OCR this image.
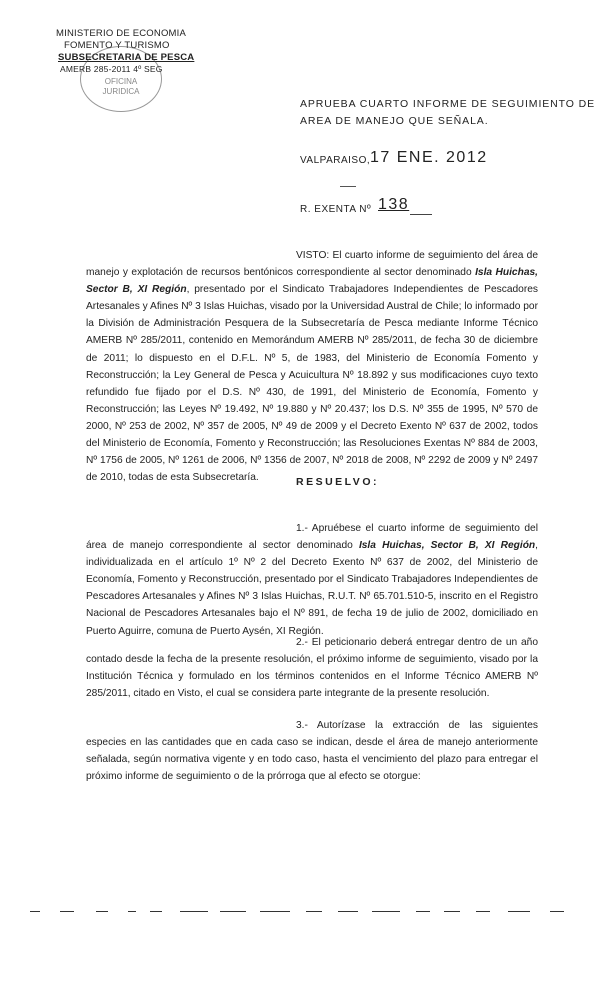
MINISTERIO DE ECONOMIA
FOMENTO Y TURISMO
SUBSECRETARIA DE PESCA
AMERB 285-2011 4º SEG
OFICINA
JURIDICA
APRUEBA CUARTO INFORME DE SEGUIMIENTO DE
AREA DE MANEJO QUE SEÑALA.
VALPARAISO, 17 ENE. 2012
R. EXENTA Nº 138
VISTO: El cuarto informe de seguimiento del área de manejo y explotación de recursos bentónicos correspondiente al sector denominado Isla Huichas, Sector B, XI Región, presentado por el Sindicato Trabajadores Independientes de Pescadores Artesanales y Afines Nº 3 Islas Huichas, visado por la Universidad Austral de Chile; lo informado por la División de Administración Pesquera de la Subsecretaría de Pesca mediante Informe Técnico AMERB Nº 285/2011, contenido en Memorándum AMERB Nº 285/2011, de fecha 30 de diciembre de 2011; lo dispuesto en el D.F.L. Nº 5, de 1983, del Ministerio de Economía Fomento y Reconstrucción; la Ley General de Pesca y Acuicultura Nº 18.892 y sus modificaciones cuyo texto refundido fue fijado por el D.S. Nº 430, de 1991, del Ministerio de Economía, Fomento y Reconstrucción; las Leyes Nº 19.492, Nº 19.880 y Nº 20.437; los D.S. Nº 355 de 1995, Nº 570 de 2000, Nº 253 de 2002, Nº 357 de 2005, Nº 49 de 2009 y el Decreto Exento Nº 637 de 2002, todos del Ministerio de Economía, Fomento y Reconstrucción; las Resoluciones Exentas Nº 884 de 2003, Nº 1756 de 2005, Nº 1261 de 2006, Nº 1356 de 2007, Nº 2018 de 2008, Nº 2292 de 2009 y Nº 2497 de 2010, todas de esta Subsecretaría.	RESUELVO:
1.- Apruébese el cuarto informe de seguimiento del área de manejo correspondiente al sector denominado Isla Huichas, Sector B, XI Región, individualizada en el artículo 1º Nº 2 del Decreto Exento Nº 637 de 2002, del Ministerio de Economía, Fomento y Reconstrucción, presentado por el Sindicato Trabajadores Independientes de Pescadores Artesanales y Afines Nº 3 Islas Huichas, R.U.T. Nº 65.701.510-5, inscrito en el Registro Nacional de Pescadores Artesanales bajo el Nº 891, de fecha 19 de julio de 2002, domiciliado en Puerto Aguirre, comuna de Puerto Aysén, XI Región.
2.- El peticionario deberá entregar dentro de un año contado desde la fecha de la presente resolución, el próximo informe de seguimiento, visado por la Institución Técnica y formulado en los términos contenidos en el Informe Técnico AMERB Nº 285/2011, citado en Visto, el cual se considera parte integrante de la presente resolución.
3.- Autorízase la extracción de las siguientes especies en las cantidades que en cada caso se indican, desde el área de manejo anteriormente señalada, según normativa vigente y en todo caso, hasta el vencimiento del plazo para entregar el próximo informe de seguimiento o de la prórroga que al efecto se otorgue:
